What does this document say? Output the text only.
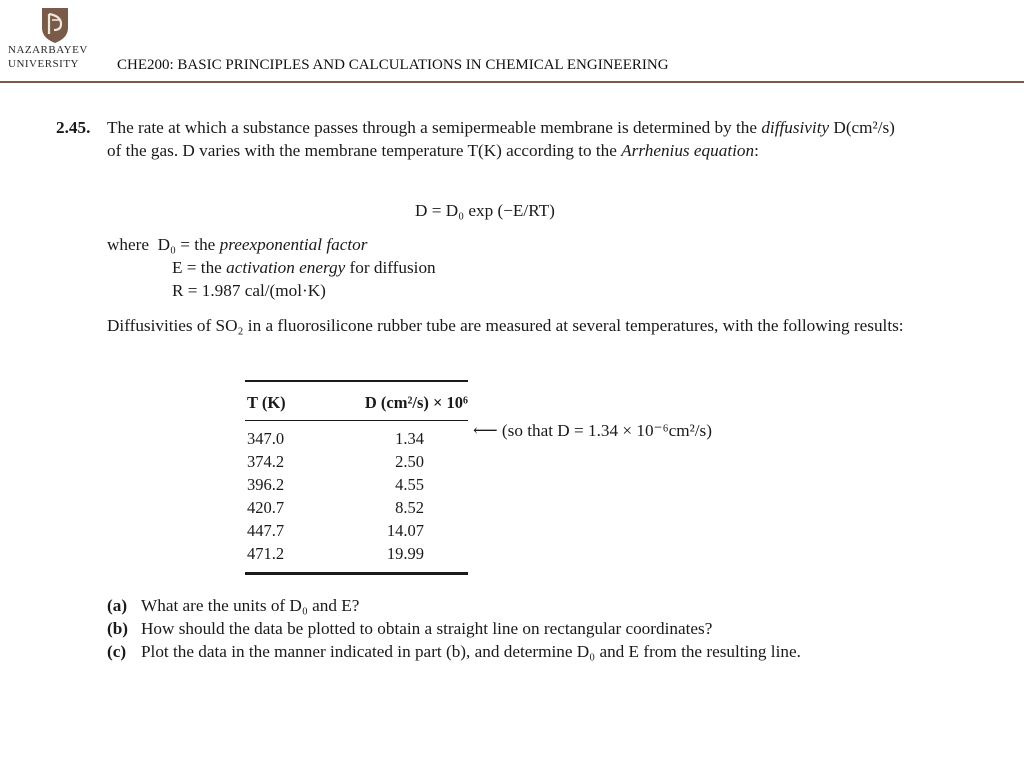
NAZARBAYEV
UNIVERSITY	CHE200: BASIC PRINCIPLES AND CALCULATIONS IN CHEMICAL ENGINEERING
2.45. The rate at which a substance passes through a semipermeable membrane is determined by the diffusivity D(cm²/s) of the gas. D varies with the membrane temperature T(K) according to the Arrhenius equation:
D = D₀ exp (−E/RT)
where D₀ = the preexponential factor
E = the activation energy for diffusion
R = 1.987 cal/(mol·K)
Diffusivities of SO₂ in a fluorosilicone rubber tube are measured at several temperatures, with the following results:
T (K)	D (cm²/s) × 10⁶
347.0	1.34
374.2	2.50
396.2	4.55
420.7	8.52
447.7	14.07
471.2	19.99
⟵ (so that D = 1.34 × 10⁻⁶cm²/s)
(a) What are the units of D₀ and E?
(b) How should the data be plotted to obtain a straight line on rectangular coordinates?
(c) Plot the data in the manner indicated in part (b), and determine D₀ and E from the resulting line.
